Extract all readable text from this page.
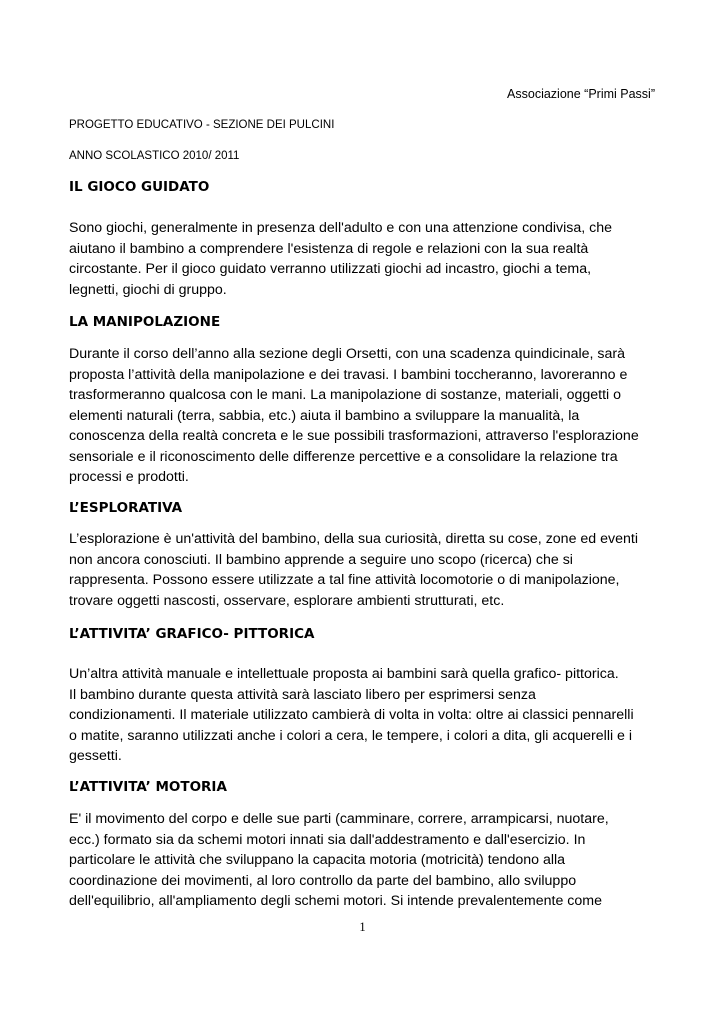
Associazione “Primi Passi”
PROGETTO EDUCATIVO - SEZIONE DEI PULCINI
ANNO SCOLASTICO 2010/ 2011
IL GIOCO GUIDATO

Sono giochi, generalmente in presenza dell'adulto e con una attenzione condivisa, che
aiutano il bambino a comprendere l'esistenza di regole e relazioni con la sua realtà
circostante. Per il gioco guidato verranno utilizzati giochi ad incastro, giochi a tema,
legnetti, giochi di gruppo.

LA MANIPOLAZIONE

Durante il corso dell’anno alla sezione degli Orsetti, con una scadenza quindicinale, sarà
proposta l’attività della manipolazione e dei travasi. I bambini toccheranno, lavoreranno e
trasformeranno qualcosa con le mani. La manipolazione di sostanze, materiali, oggetti o
elementi naturali (terra, sabbia, etc.) aiuta il bambino a sviluppare la manualità, la
conoscenza della realtà concreta e le sue possibili trasformazioni, attraverso l'esplorazione
sensoriale e il riconoscimento delle differenze percettive e a consolidare la relazione tra
processi e prodotti.

L’ESPLORATIVA

L’esplorazione è un'attività del bambino, della sua curiosità, diretta su cose, zone ed eventi
non ancora conosciuti. Il bambino apprende a seguire uno scopo (ricerca) che si
rappresenta. Possono essere utilizzate a tal fine attività locomotorie o di manipolazione,
trovare oggetti nascosti, osservare, esplorare ambienti strutturati, etc.

L’ATTIVITA’ GRAFICO- PITTORICA

Un’altra attività manuale e intellettuale proposta ai bambini sarà quella grafico- pittorica.
Il bambino durante questa attività sarà lasciato libero per esprimersi senza
condizionamenti. Il materiale utilizzato cambierà di volta in volta: oltre ai classici pennarelli
o matite, saranno utilizzati anche i colori a cera, le tempere, i colori a dita, gli acquerelli e i
gessetti.

L’ATTIVITA’ MOTORIA

E' il movimento del corpo e delle sue parti (camminare, correre, arrampicarsi, nuotare,
ecc.) formato sia da schemi motori innati sia dall'addestramento e dall'esercizio. In
particolare le attività che sviluppano la capacita motoria (motricità) tendono alla
coordinazione dei movimenti, al loro controllo da parte del bambino, allo sviluppo
dell'equilibrio, all'ampliamento degli schemi motori. Si intende prevalentemente come

1
